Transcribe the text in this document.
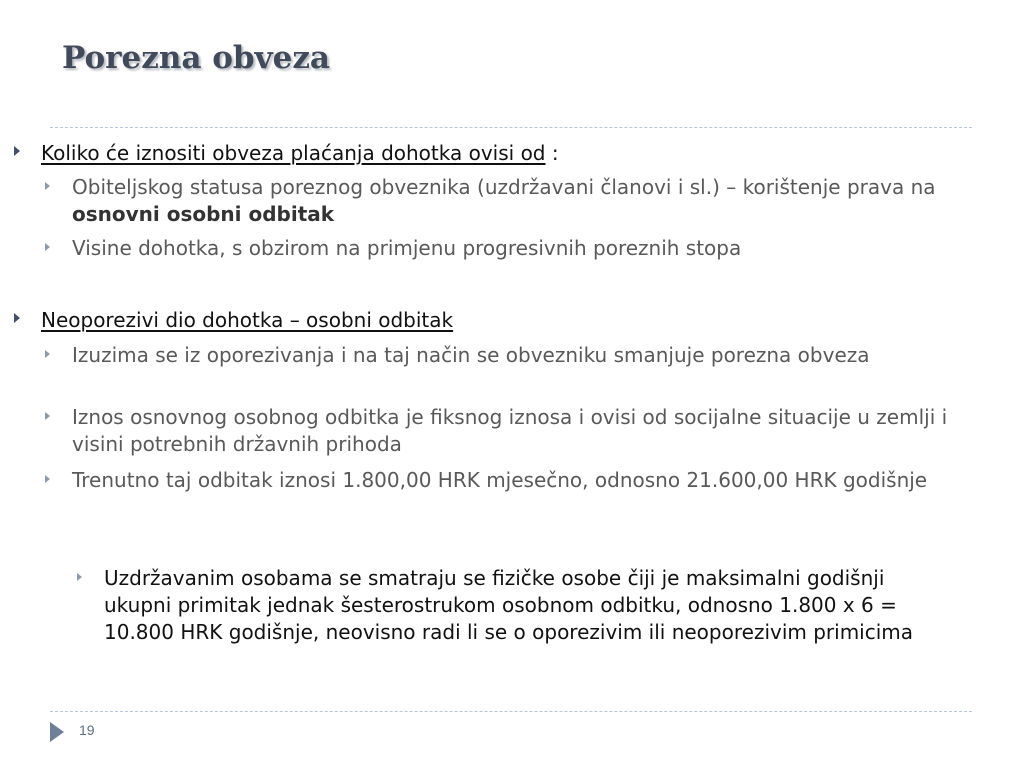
Porezna obveza
Koliko će iznositi obveza plaćanja dohotka ovisi od :
Obiteljskog statusa poreznog obveznika (uzdržavani članovi i sl.) – korištenje prava na osnovni osobni odbitak
Visine dohotka, s obzirom na primjenu progresivnih poreznih stopa
Neoporezivi dio dohotka – osobni odbitak
Izuzima se iz oporezivanja i na taj način se obvezniku smanjuje porezna obveza
Iznos osnovnog osobnog odbitka je fiksnog iznosa i ovisi od socijalne situacije u zemlji i visini potrebnih državnih prihoda
Trenutno taj odbitak iznosi 1.800,00 HRK mjesečno, odnosno 21.600,00 HRK godišnje
Uzdržavanim osobama se smatraju se fizičke osobe čiji je maksimalni godišnji ukupni primitak jednak šesterostrukom osobnom odbitku, odnosno 1.800 x 6 = 10.800 HRK godišnje, neovisno radi li se o oporezivim ili neoporezivim primicima
19
